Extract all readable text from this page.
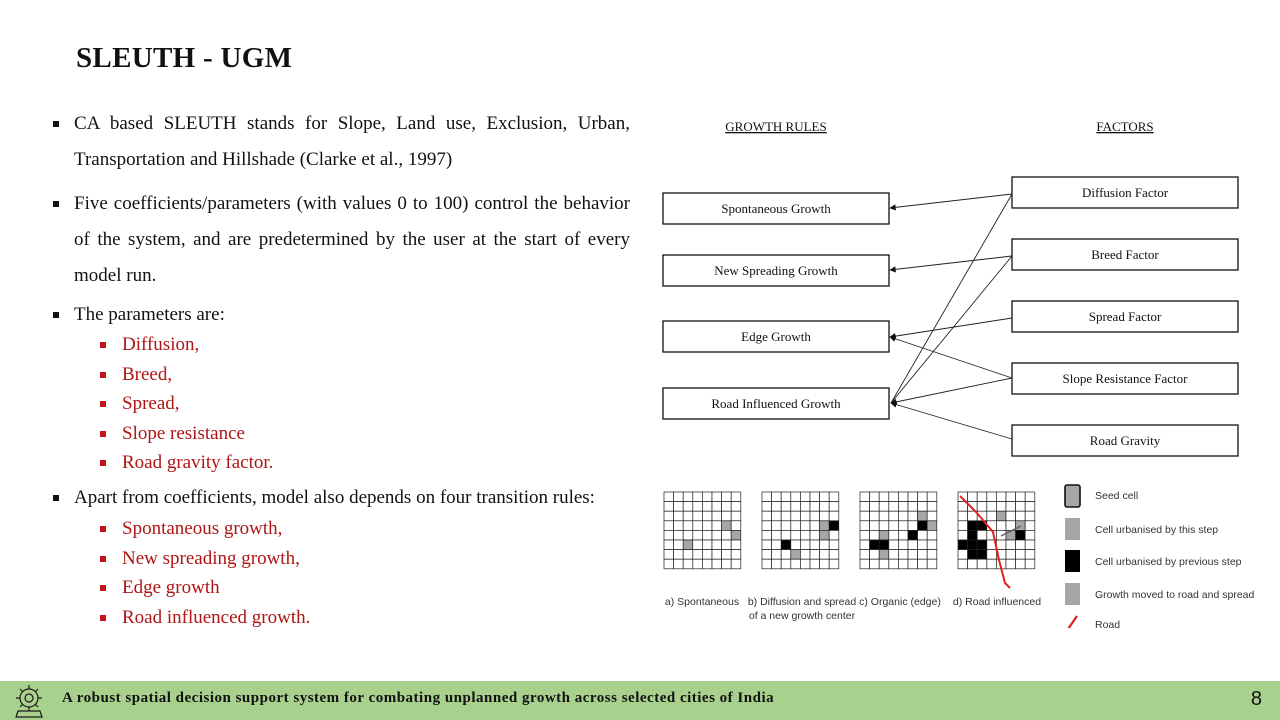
SLEUTH - UGM
CA based SLEUTH stands for Slope, Land use, Exclusion, Urban, Transportation and Hillshade (Clarke et al., 1997)
Five coefficients/parameters (with values 0 to 100) control the behavior of the system, and are predetermined by the user at the start of every model run.
The parameters are:
Diffusion,
Breed,
Spread,
Slope resistance
Road gravity factor.
Apart from coefficients, model also depends on four transition rules:
Spontaneous growth,
New spreading growth,
Edge growth
Road influenced growth.
GROWTH RULES	FACTORS
Spontaneous Growth
New Spreading Growth
Edge Growth
Road Influenced Growth
Diffusion Factor
Breed Factor
Spread Factor
Slope Resistance Factor
Road Gravity
a) Spontaneous b) Diffusion and spread
of a new growth center
c) Organic (edge) d) Road influenced
Seed cell
Cell urbanised by this step
Cell urbanised by previous step
Growth moved to road and spread
Road
A robust spatial decision support system for combating unplanned growth across selected cities of India	8
